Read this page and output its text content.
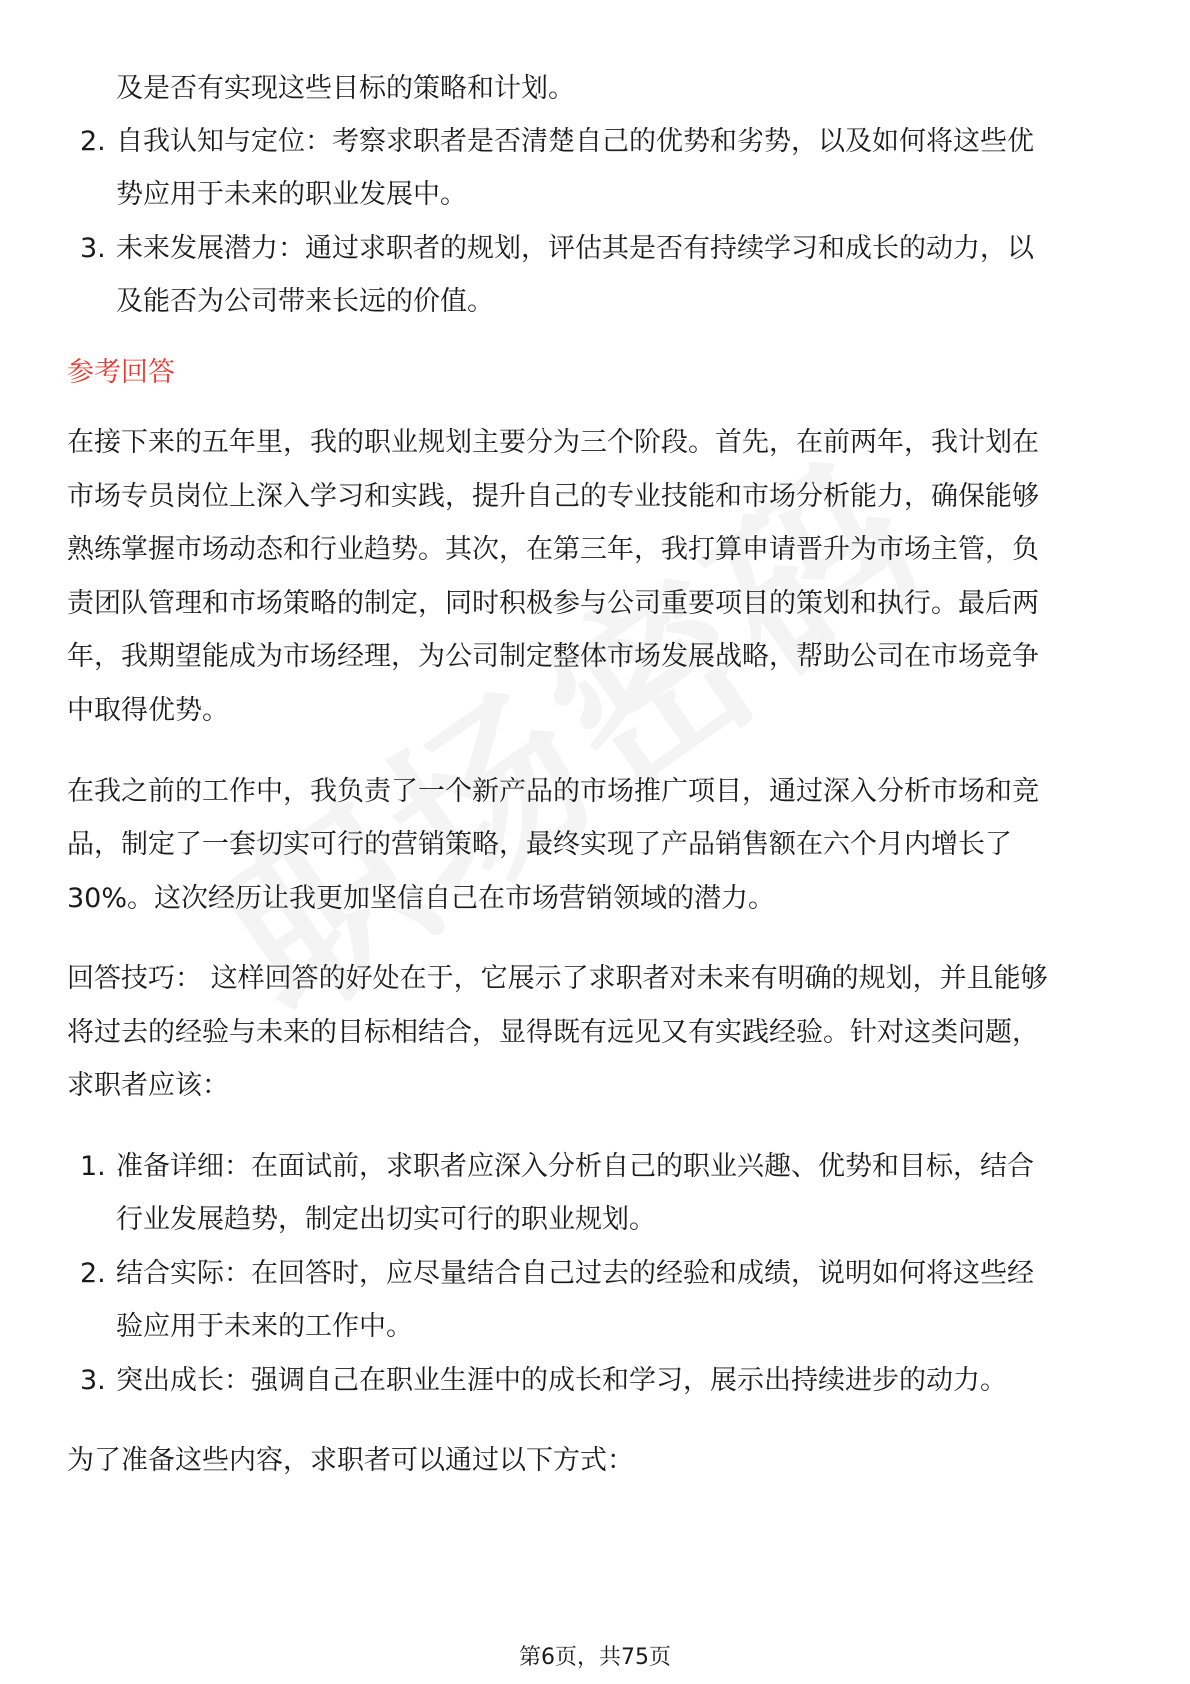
及是否有实现这些目标的策略和计划。
2. 自我认知与定位：考察求职者是否清楚自己的优势和劣势，以及如何将这些优
势应用于未来的职业发展中。
3. 未来发展潜力：通过求职者的规划，评估其是否有持续学习和成长的动力，以
及能否为公司带来长远的价值。
参考回答
在接下来的五年里，我的职业规划主要分为三个阶段。首先，在前两年，我计划在
市场专员岗位上深入学习和实践，提升自己的专业技能和市场分析能力，确保能够
熟练掌握市场动态和行业趋势。其次，在第三年，我打算申请晋升为市场主管，负
责团队管理和市场策略的制定，同时积极参与公司重要项目的策划和执行。最后两
年，我期望能成为市场经理，为公司制定整体市场发展战略，帮助公司在市场竞争
中取得优势。
在我之前的工作中，我负责了一个新产品的市场推广项目，通过深入分析市场和竞
品，制定了一套切实可行的营销策略，最终实现了产品销售额在六个月内增长了
30%。这次经历让我更加坚信自己在市场营销领域的潜力。
回答技巧： 这样回答的好处在于，它展示了求职者对未来有明确的规划，并且能够
将过去的经验与未来的目标相结合，显得既有远见又有实践经验。针对这类问题，
求职者应该：
1. 准备详细：在面试前，求职者应深入分析自己的职业兴趣、优势和目标，结合
行业发展趋势，制定出切实可行的职业规划。
2. 结合实际：在回答时，应尽量结合自己过去的经验和成绩，说明如何将这些经
验应用于未来的工作中。
3. 突出成长：强调自己在职业生涯中的成长和学习，展示出持续进步的动力。
为了准备这些内容，求职者可以通过以下方式：
第6页，共75页
